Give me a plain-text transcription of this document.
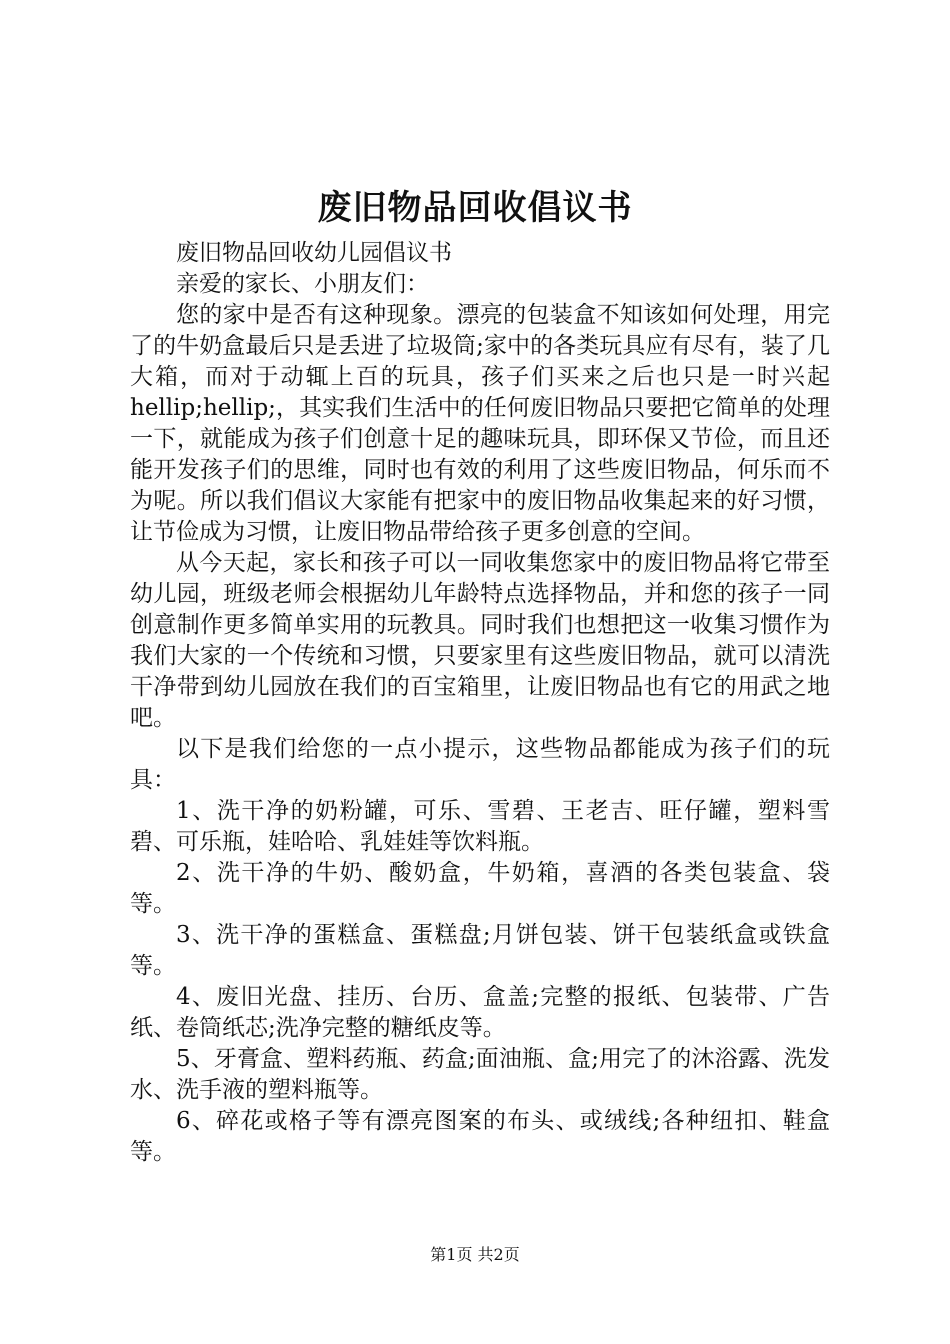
废旧物品回收倡议书

废旧物品回收幼儿园倡议书

亲爱的家长、小朋友们：

您的家中是否有这种现象。漂亮的包装盒不知该如何处理，用完了的牛奶盒最后只是丢进了垃圾筒;家中的各类玩具应有尽有，装了几大箱，而对于动辄上百的玩具，孩子们买来之后也只是一时兴起hellip;hellip;，其实我们生活中的任何废旧物品只要把它简单的处理一下，就能成为孩子们创意十足的趣味玩具，即环保又节俭，而且还能开发孩子们的思维，同时也有效的利用了这些废旧物品，何乐而不为呢。所以我们倡议大家能有把家中的废旧物品收集起来的好习惯，让节俭成为习惯，让废旧物品带给孩子更多创意的空间。

从今天起，家长和孩子可以一同收集您家中的废旧物品将它带至幼儿园，班级老师会根据幼儿年龄特点选择物品，并和您的孩子一同创意制作更多简单实用的玩教具。同时我们也想把这一收集习惯作为我们大家的一个传统和习惯，只要家里有这些废旧物品，就可以清洗干净带到幼儿园放在我们的百宝箱里，让废旧物品也有它的用武之地吧。

以下是我们给您的一点小提示，这些物品都能成为孩子们的玩具：

1、洗干净的奶粉罐，可乐、雪碧、王老吉、旺仔罐，塑料雪碧、可乐瓶，娃哈哈、乳娃娃等饮料瓶。

2、洗干净的牛奶、酸奶盒，牛奶箱，喜酒的各类包装盒、袋等。

3、洗干净的蛋糕盒、蛋糕盘;月饼包装、饼干包装纸盒或铁盒等。

4、废旧光盘、挂历、台历、盒盖;完整的报纸、包装带、广告纸、卷筒纸芯;洗净完整的糖纸皮等。

5、牙膏盒、塑料药瓶、药盒;面油瓶、盒;用完了的沐浴露、洗发水、洗手液的塑料瓶等。

6、碎花或格子等有漂亮图案的布头、或绒线;各种纽扣、鞋盒等。

第1页 共2页
